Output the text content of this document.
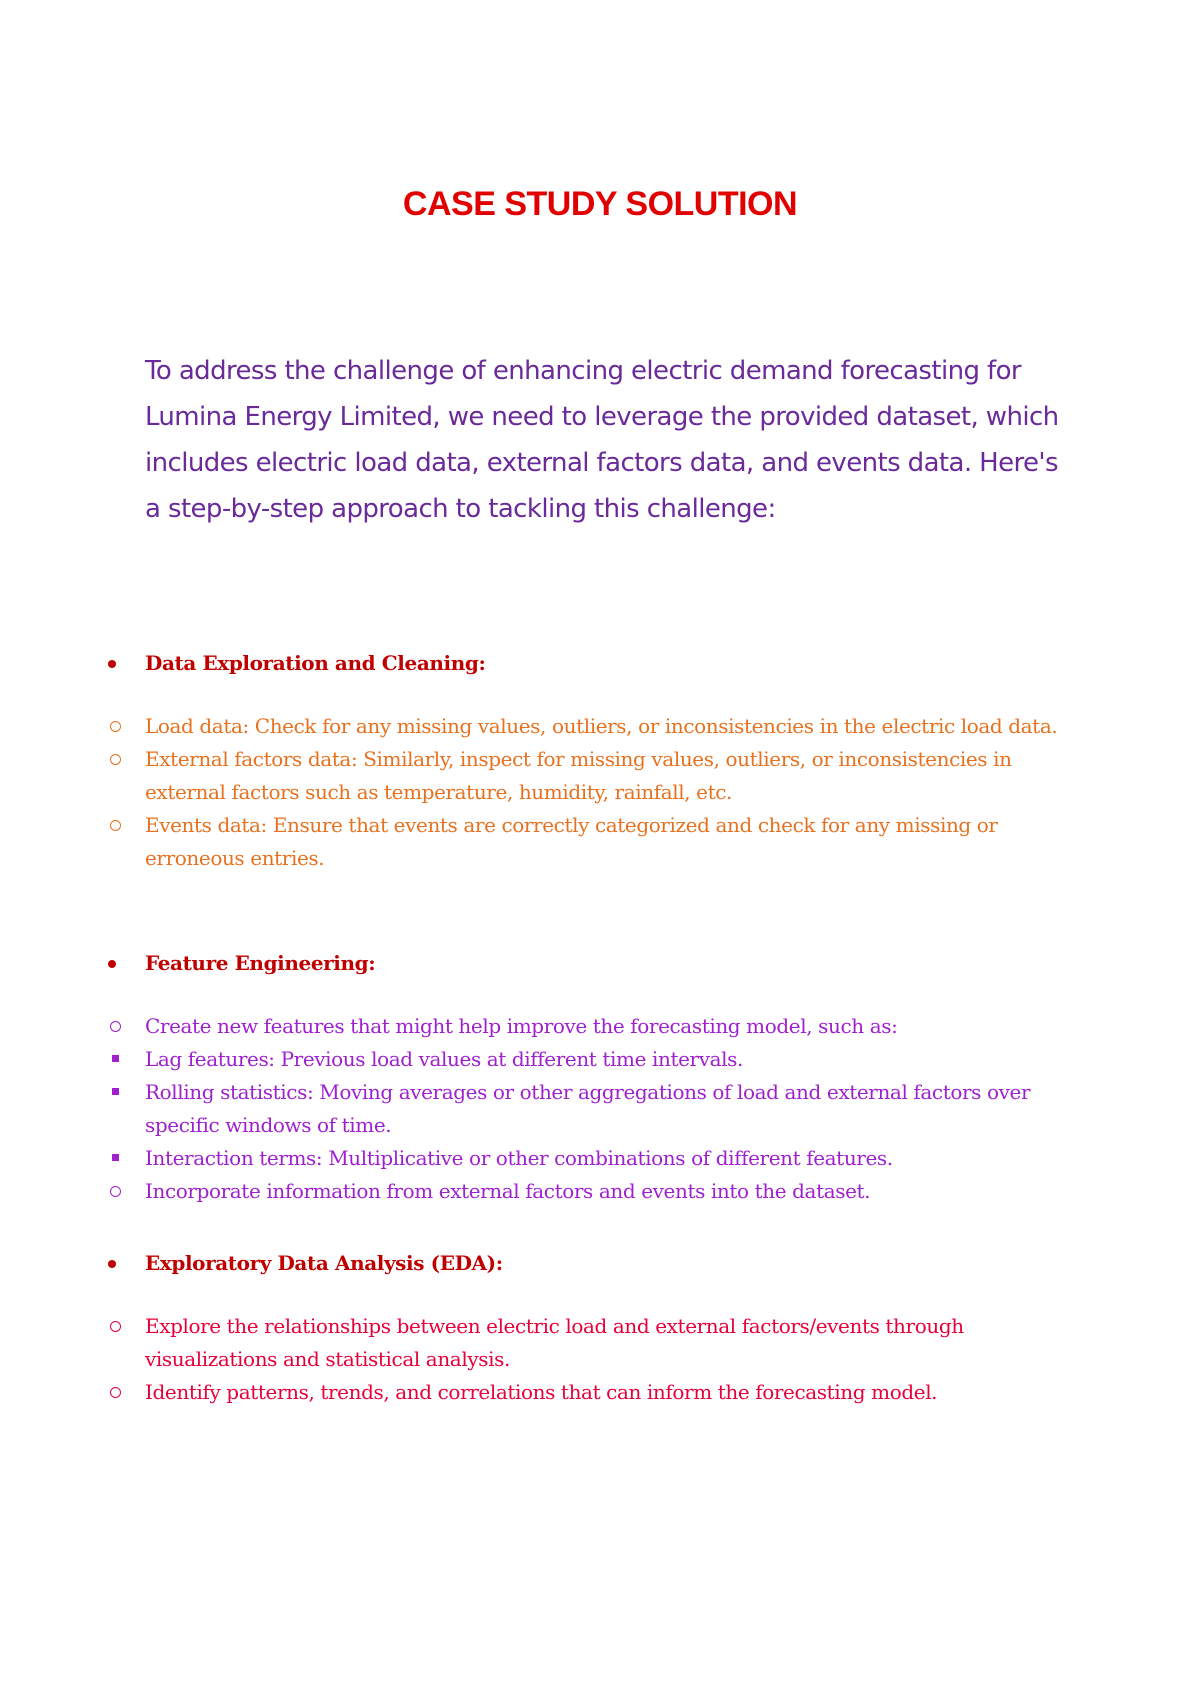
CASE STUDY SOLUTION

To address the challenge of enhancing electric demand forecasting for Lumina Energy Limited, we need to leverage the provided dataset, which includes electric load data, external factors data, and events data. Here's a step-by-step approach to tackling this challenge:

Data Exploration and Cleaning:
Load data: Check for any missing values, outliers, or inconsistencies in the electric load data.
External factors data: Similarly, inspect for missing values, outliers, or inconsistencies in external factors such as temperature, humidity, rainfall, etc.
Events data: Ensure that events are correctly categorized and check for any missing or erroneous entries.
Feature Engineering:
Create new features that might help improve the forecasting model, such as:
Lag features: Previous load values at different time intervals.
Rolling statistics: Moving averages or other aggregations of load and external factors over specific windows of time.
Interaction terms: Multiplicative or other combinations of different features.
Incorporate information from external factors and events into the dataset.
Exploratory Data Analysis (EDA):
Explore the relationships between electric load and external factors/events through visualizations and statistical analysis.
Identify patterns, trends, and correlations that can inform the forecasting model.
